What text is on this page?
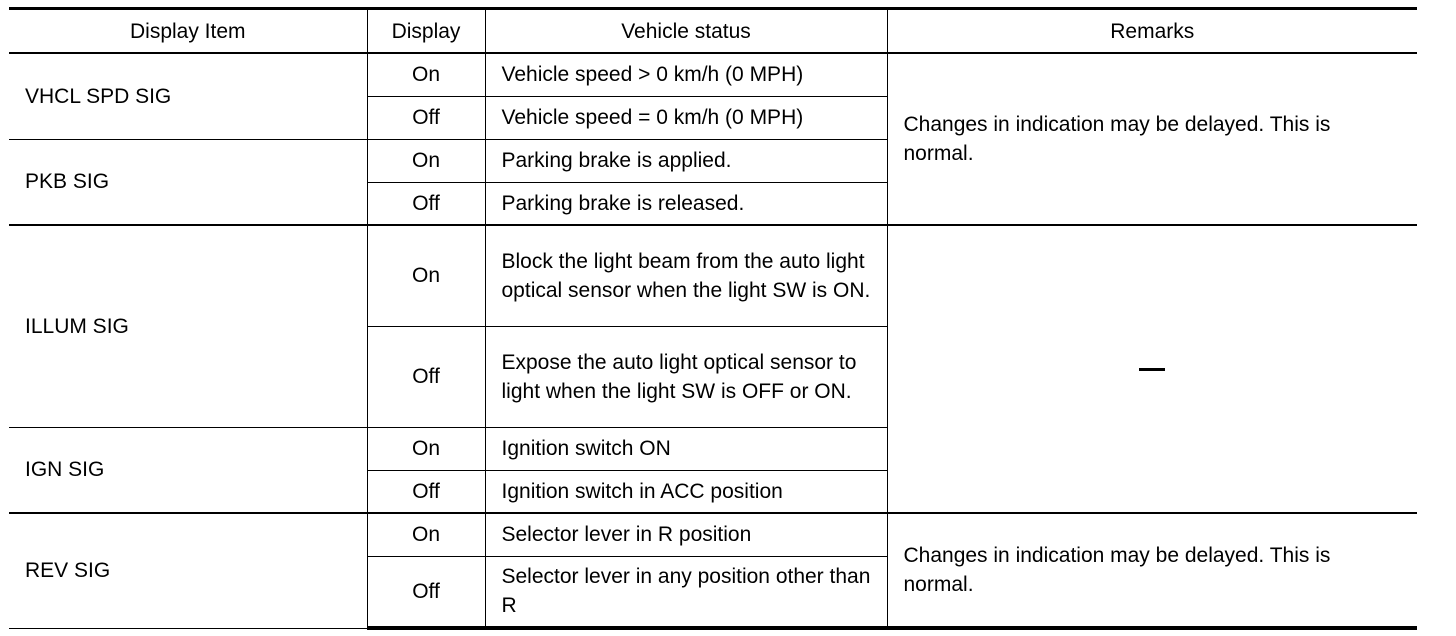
Display Item	Display	Vehicle status	Remarks
VHCL SPD SIG	On	Vehicle speed > 0 km/h (0 MPH)	Changes in indication may be delayed. This is normal.
	Off	Vehicle speed = 0 km/h (0 MPH)	
PKB SIG	On	Parking brake is applied.	
	Off	Parking brake is released.	
ILLUM SIG	On	Block the light beam from the auto light optical sensor when the light SW is ON.	
	Off	Expose the auto light optical sensor to light when the light SW is OFF or ON.	
IGN SIG	On	Ignition switch ON	
	Off	Ignition switch in ACC position	
REV SIG	On	Selector lever in R position	Changes in indication may be delayed. This is normal.
	Off	Selector lever in any position other than R	
